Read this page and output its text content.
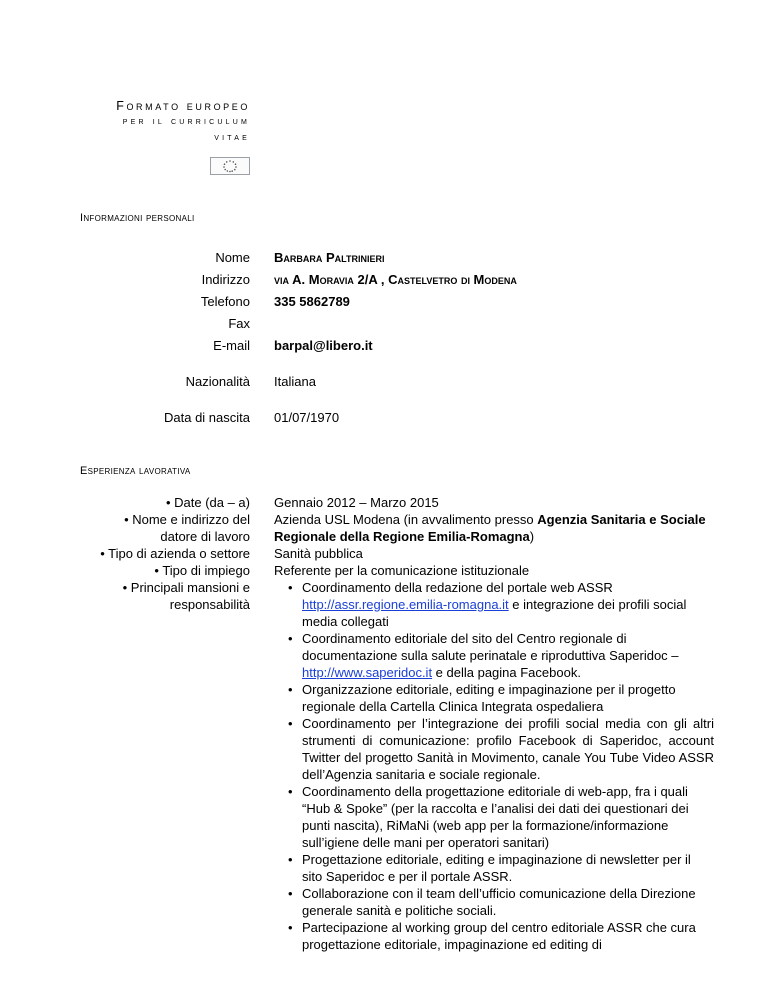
Formato europeo
per il curriculum
vitae
Informazioni personali
Nome Barbara Paltrinieri
Indirizzo via A. Moravia 2/A , Castelvetro di Modena
Telefono 335 5862789
Fax
E-mail barpal@libero.it
Nazionalità Italiana
Data di nascita 01/07/1970
Esperienza lavorativa
• Date (da – a)
• Nome e indirizzo del
datore di lavoro
• Tipo di azienda o settore
• Tipo di impiego
• Principali mansioni e
responsabilità

Gennaio 2012 – Marzo 2015

Azienda USL Modena (in avvalimento presso Agenzia Sanitaria e Sociale Regionale della Regione Emilia-Romagna)

Sanità pubblica

Referente per la comunicazione istituzionale

• Coordinamento della redazione del portale web ASSR
http://assr.regione.emilia-romagna.it e integrazione dei profili social media collegati
• Coordinamento editoriale del sito del Centro regionale di documentazione sulla salute perinatale e riproduttiva Saperidoc – http://www.saperidoc.it e della pagina Facebook.
• Organizzazione editoriale, editing e impaginazione per il progetto regionale della Cartella Clinica Integrata ospedaliera
• Coordinamento per l’integrazione dei profili social media con gli altri strumenti di comunicazione: profilo Facebook di Saperidoc, account Twitter del progetto Sanità in Movimento, canale You Tube Video ASSR dell’Agenzia sanitaria e sociale regionale.
• Coordinamento della progettazione editoriale di web-app, fra i quali “Hub & Spoke” (per la raccolta e l’analisi dei dati dei questionari dei punti nascita), RiMaNi (web app per la formazione/informazione sull’igiene delle mani per operatori sanitari)
• Progettazione editoriale, editing e impaginazione di newsletter per il sito Saperidoc e per il portale ASSR.
• Collaborazione con il team dell’ufficio comunicazione della Direzione generale sanità e politiche sociali.
• Partecipazione al working group del centro editoriale ASSR che cura progettazione editoriale, impaginazione ed editing di
